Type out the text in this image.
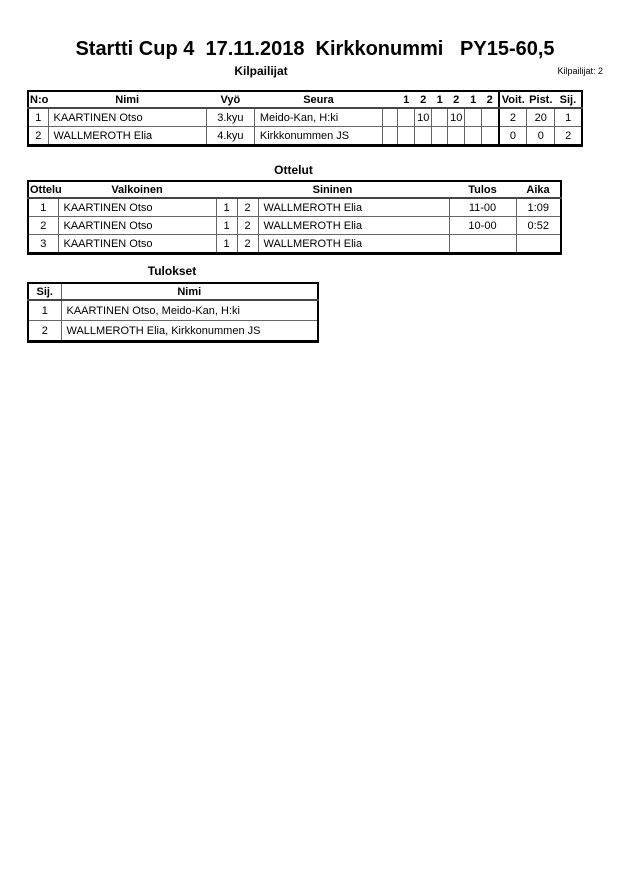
Startti Cup 4  17.11.2018  Kirkkonummi   PY15-60,5
Kilpailijat	Kilpailijat: 2
N:o	Nimi	Vyö	Seura		1	2	1	2	1	2	Voit.	Pist.	Sij.
1	KAARTINEN Otso	3.kyu	Meido-Kan, H:ki			10		10			2	20	1
2	WALLMEROTH Elia	4.kyu	Kirkkonummen JS								0	0	2
Ottelut
Ottelu	Valkoinen	Sininen			Tulos	Aika
1	KAARTINEN Otso	1	2	WALLMEROTH Elia	11-00	1:09
2	KAARTINEN Otso	1	2	WALLMEROTH Elia	10-00	0:52
3	KAARTINEN Otso	1	2	WALLMEROTH Elia		
Tulokset
Sij.	Nimi
1	KAARTINEN Otso, Meido-Kan, H:ki
2	WALLMEROTH Elia, Kirkkonummen JS
